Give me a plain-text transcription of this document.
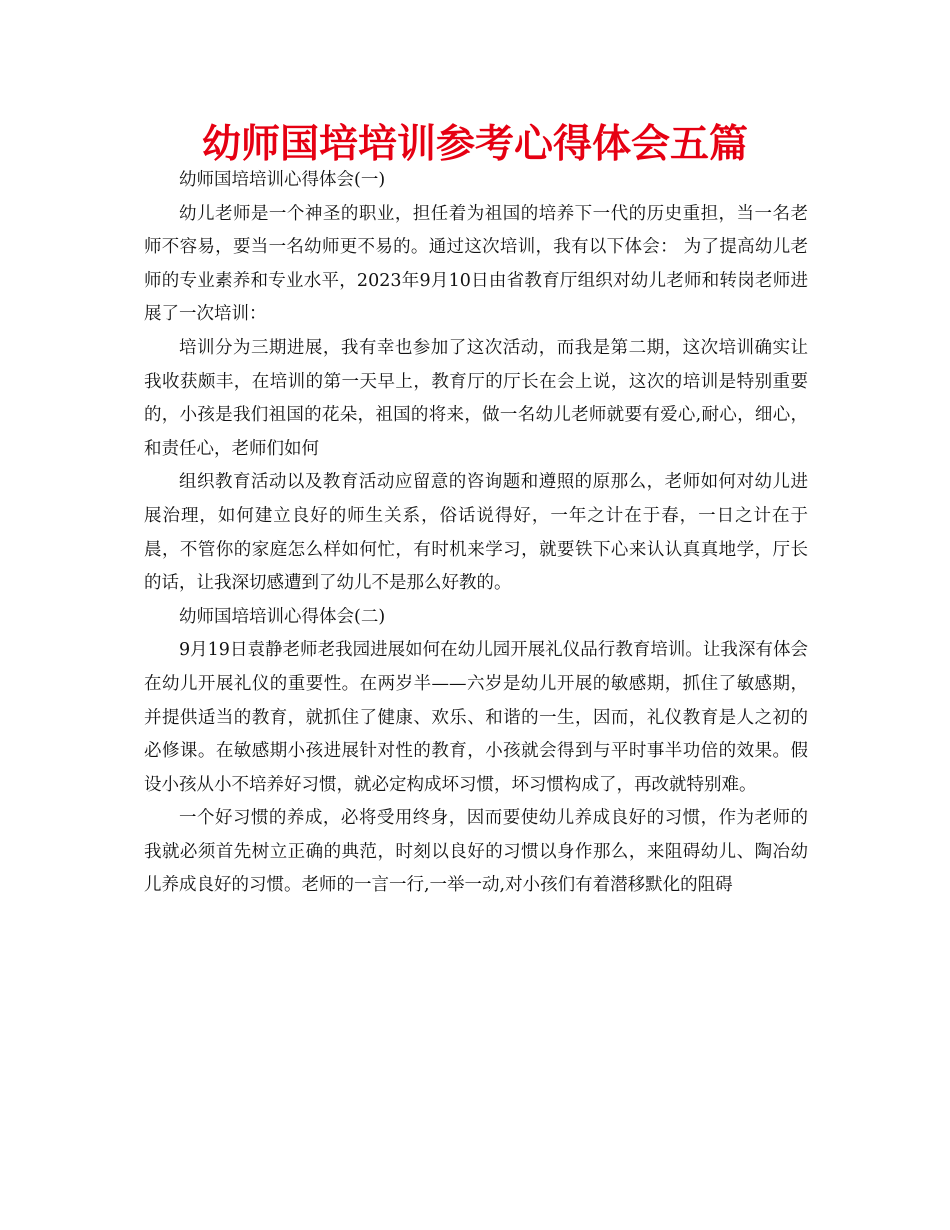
幼师国培培训参考心得体会五篇

幼师国培培训心得体会(一)

幼儿老师是一个神圣的职业，担任着为祖国的培养下一代的历史重担，当一名老师不容易，要当一名幼师更不易的。通过这次培训，我有以下体会： 为了提高幼儿老师的专业素养和专业水平，2023年9月10日由省教育厅组织对幼儿老师和转岗老师进展了一次培训：

培训分为三期进展，我有幸也参加了这次活动，而我是第二期，这次培训确实让我收获颇丰，在培训的第一天早上，教育厅的厅长在会上说，这次的培训是特别重要的，小孩是我们祖国的花朵，祖国的将来，做一名幼儿老师就要有爱心,耐心，细心，和责任心，老师们如何

组织教育活动以及教育活动应留意的咨询题和遵照的原那么，老师如何对幼儿进展治理，如何建立良好的师生关系，俗话说得好，一年之计在于春，一日之计在于晨，不管你的家庭怎么样如何忙，有时机来学习，就要铁下心来认认真真地学，厅长的话，让我深切感遭到了幼儿不是那么好教的。

幼师国培培训心得体会(二)

9月19日袁静老师老我园进展如何在幼儿园开展礼仪品行教育培训。让我深有体会在幼儿开展礼仪的重要性。在两岁半——六岁是幼儿开展的敏感期，抓住了敏感期，并提供适当的教育，就抓住了健康、欢乐、和谐的一生，因而，礼仪教育是人之初的必修课。在敏感期小孩进展针对性的教育，小孩就会得到与平时事半功倍的效果。假设小孩从小不培养好习惯，就必定构成坏习惯，坏习惯构成了，再改就特别难。

一个好习惯的养成，必将受用终身，因而要使幼儿养成良好的习惯，作为老师的我就必须首先树立正确的典范，时刻以良好的习惯以身作那么，来阻碍幼儿、陶冶幼儿养成良好的习惯。老师的一言一行,一举一动,对小孩们有着潜移默化的阻碍
